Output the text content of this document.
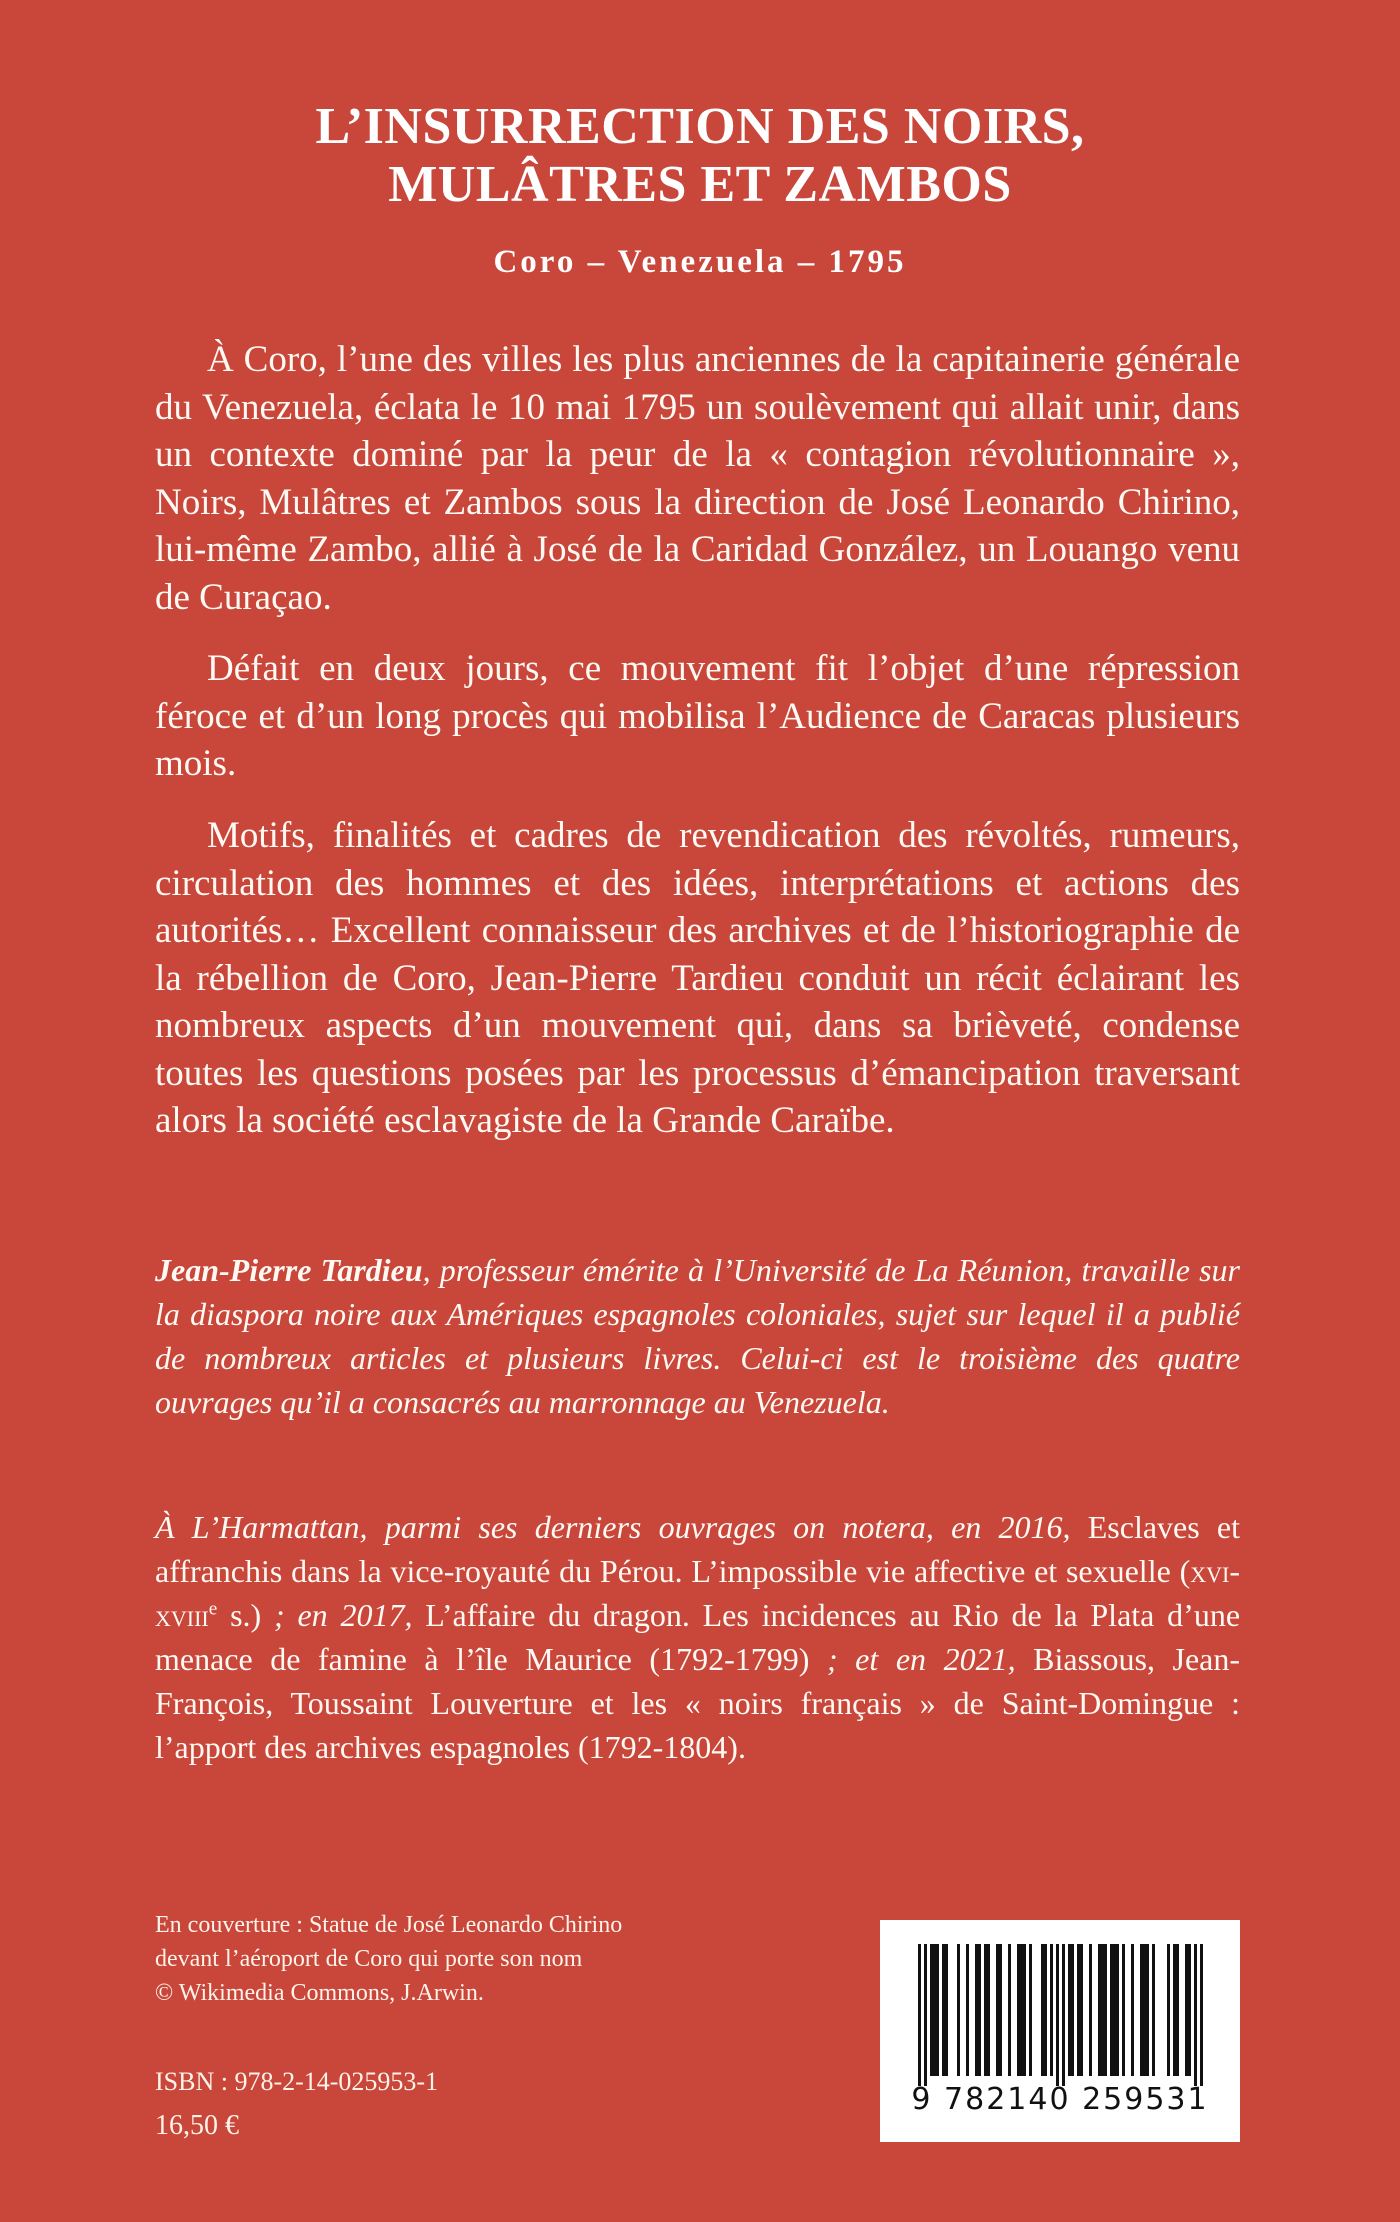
L’INSURRECTION DES NOIRS,
MULÂTRES ET ZAMBOS
Coro – Venezuela – 1795
À Coro, l’une des villes les plus anciennes de la capitainerie générale du Venezuela, éclata le 10 mai 1795 un soulèvement qui allait unir, dans un contexte dominé par la peur de la « contagion révolutionnaire », Noirs, Mulâtres et Zambos sous la direction de José Leonardo Chirino, lui-même Zambo, allié à José de la Caridad González, un Louango venu de Curaçao.
Défait en deux jours, ce mouvement fit l’objet d’une répression féroce et d’un long procès qui mobilisa l’Audience de Caracas plusieurs mois.
Motifs, finalités et cadres de revendication des révoltés, rumeurs, circulation des hommes et des idées, interprétations et actions des autorités… Excellent connaisseur des archives et de l’historiographie de la rébellion de Coro, Jean-Pierre Tardieu conduit un récit éclairant les nombreux aspects d’un mouvement qui, dans sa brièveté, condense toutes les questions posées par les processus d’émancipation traversant alors la société esclavagiste de la Grande Caraïbe.
Jean-Pierre Tardieu, professeur émérite à l’Université de La Réunion, travaille sur la diaspora noire aux Amériques espagnoles coloniales, sujet sur lequel il a publié de nombreux articles et plusieurs livres. Celui-ci est le troisième des quatre ouvrages qu’il a consacrés au marronnage au Venezuela.
À L’Harmattan, parmi ses derniers ouvrages on notera, en 2016, Esclaves et affranchis dans la vice-royauté du Pérou. L’impossible vie affective et sexuelle (xvi-xviii$^e$ s.) ; en 2017, L’affaire du dragon. Les incidences au Rio de la Plata d’une menace de famine à l’île Maurice (1792-1799) ; et en 2021, Biassous, Jean-François, Toussaint Louverture et les « noirs français » de Saint-Domingue : l’apport des archives espagnoles (1792-1804).
En couverture : Statue de José Leonardo Chirino
devant l’aéroport de Coro qui porte son nom
© Wikimedia Commons, J.Arwin.
ISBN : 978-2-14-025953-1
16,50 €
9 782140 259531
